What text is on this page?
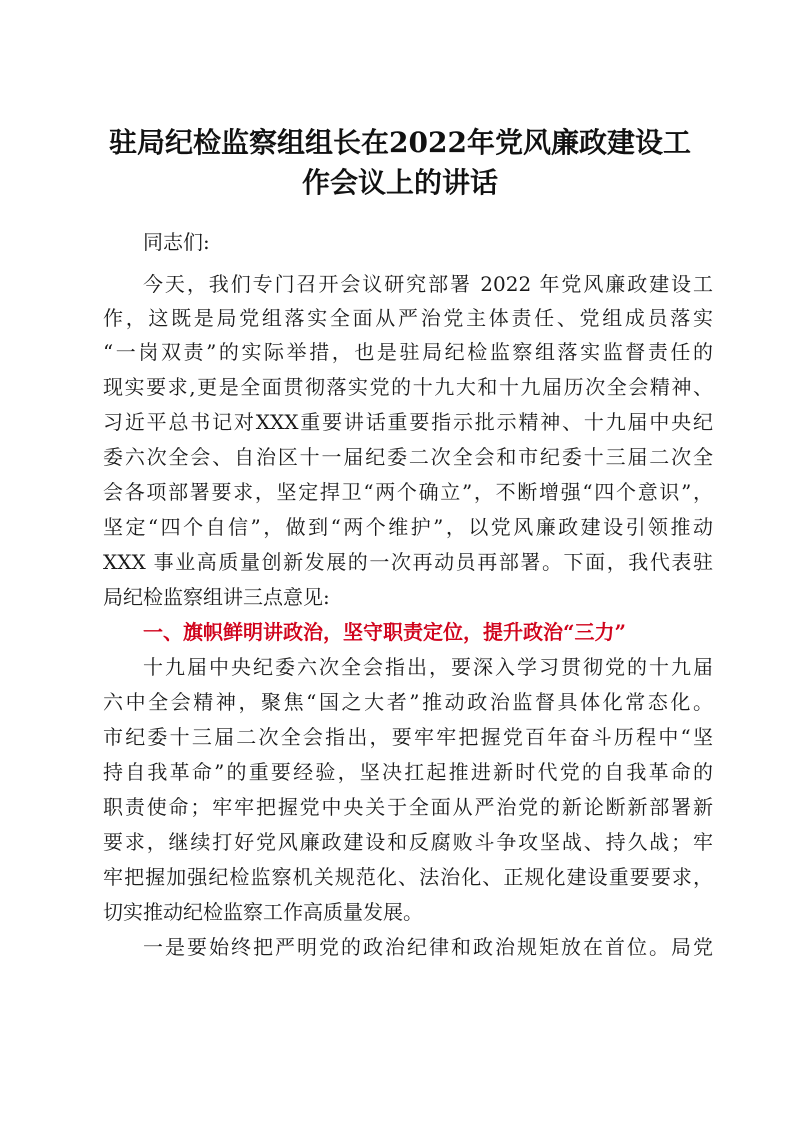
驻局纪检监察组组长在2022年党风廉政建设工
作会议上的讲话
同志们:
今天，我们专门召开会议研究部署 2022 年党风廉政建设工
作，这既是局党组落实全面从严治党主体责任、党组成员落实
“一岗双责”的实际举措，也是驻局纪检监察组落实监督责任的
现实要求,更是全面贯彻落实党的十九大和十九届历次全会精神、
习近平总书记对XXX重要讲话重要指示批示精神、十九届中央纪
委六次全会、自治区十一届纪委二次全会和市纪委十三届二次全
会各项部署要求，坚定捍卫“两个确立”，不断增强“四个意识”，
坚定“四个自信”，做到“两个维护”，以党风廉政建设引领推动
XXX 事业高质量创新发展的一次再动员再部署。下面，我代表驻
局纪检监察组讲三点意见:
一、旗帜鲜明讲政治，坚守职责定位，提升政治“三力”
十九届中央纪委六次全会指出，要深入学习贯彻党的十九届
六中全会精神，聚焦“国之大者”推动政治监督具体化常态化。
市纪委十三届二次全会指出，要牢牢把握党百年奋斗历程中“坚
持自我革命”的重要经验，坚决扛起推进新时代党的自我革命的
职责使命；牢牢把握党中央关于全面从严治党的新论断新部署新
要求，继续打好党风廉政建设和反腐败斗争攻坚战、持久战；牢
牢把握加强纪检监察机关规范化、法治化、正规化建设重要要求，
切实推动纪检监察工作高质量发展。
一是要始终把严明党的政治纪律和政治规矩放在首位。局党
